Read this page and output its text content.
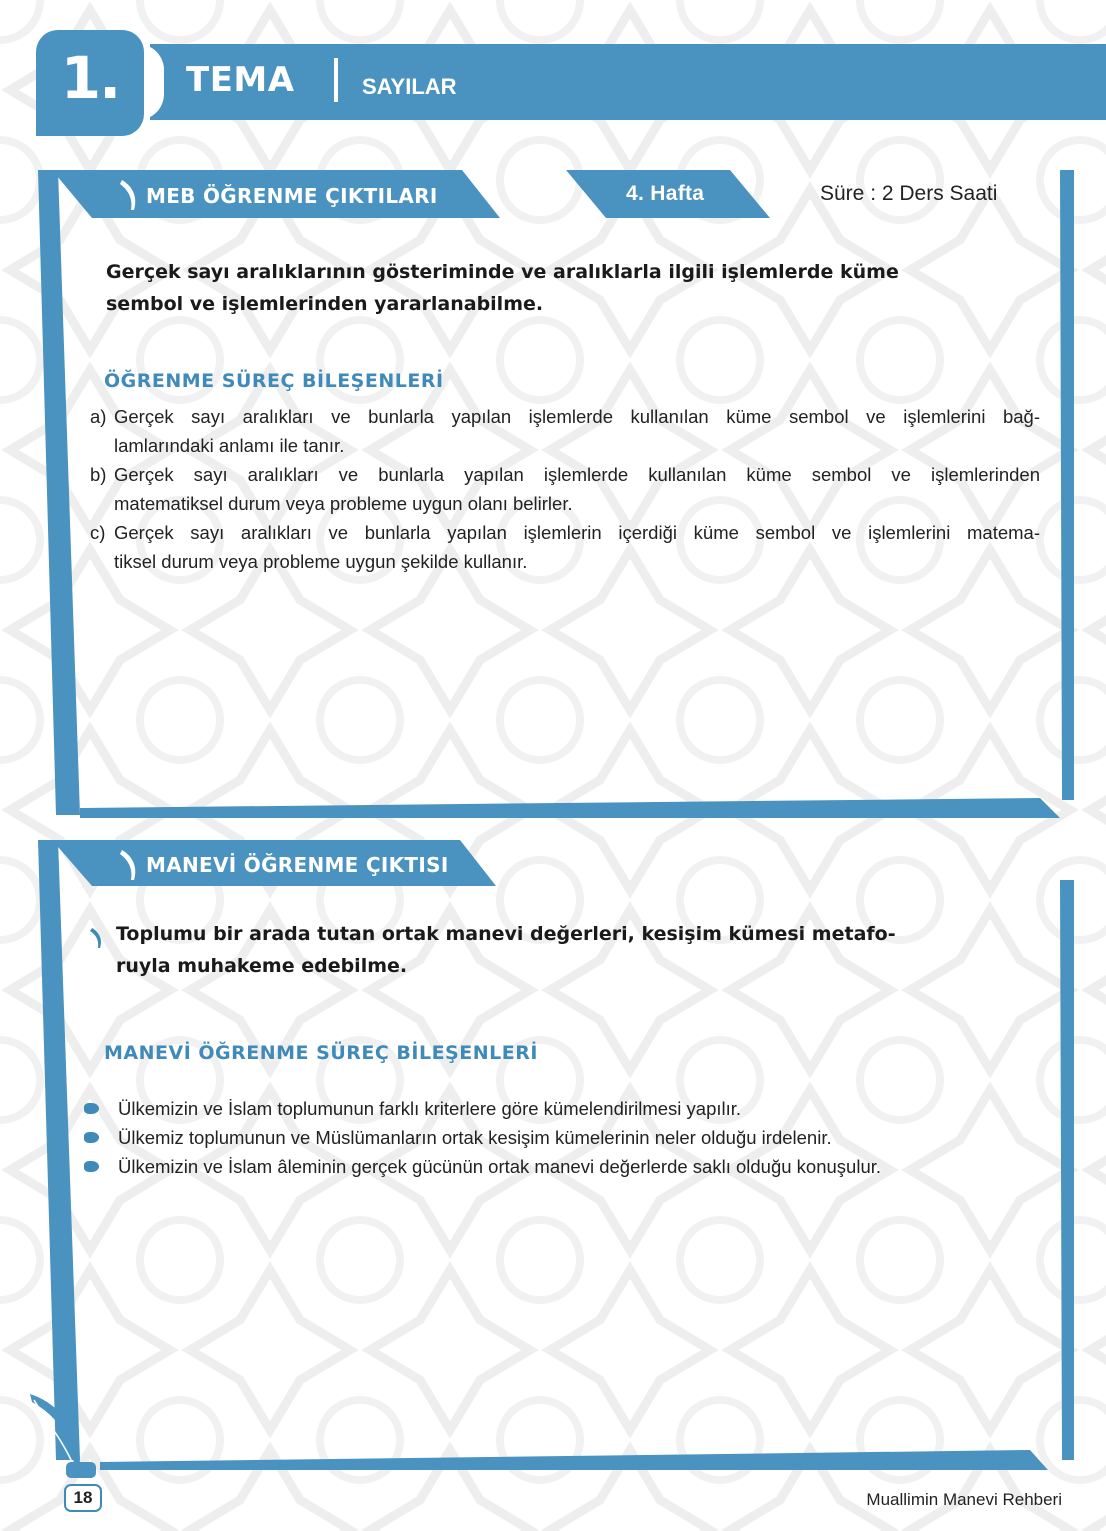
1.	TEMA	SAYILAR
MEB ÖĞRENME ÇIKTILARI	4. Hafta	Süre : 2 Ders Saati
Gerçek sayı aralıklarının gösteriminde ve aralıklarla ilgili işlemlerde küme
sembol ve işlemlerinden yararlanabilme.
ÖĞRENME SÜREÇ BİLEŞENLERİ
a) Gerçek sayı aralıkları ve bunlarla yapılan işlemlerde kullanılan küme sembol ve işlemlerini bağ-
lamlarındaki anlamı ile tanır.
b) Gerçek sayı aralıkları ve bunlarla yapılan işlemlerde kullanılan küme sembol ve işlemlerinden
matematiksel durum veya probleme uygun olanı belirler.
c) Gerçek sayı aralıkları ve bunlarla yapılan işlemlerin içerdiği küme sembol ve işlemlerini matema-
tiksel durum veya probleme uygun şekilde kullanır.
MANEVİ ÖĞRENME ÇIKTISI
Toplumu bir arada tutan ortak manevi değerleri, kesişim kümesi metafo-
ruyla muhakeme edebilme.
MANEVİ ÖĞRENME SÜREÇ BİLEŞENLERİ
Ülkemizin ve İslam toplumunun farklı kriterlere göre kümelendirilmesi yapılır.
Ülkemiz toplumunun ve Müslümanların ortak kesişim kümelerinin neler olduğu irdelenir.
Ülkemizin ve İslam âleminin gerçek gücünün ortak manevi değerlerde saklı olduğu konuşulur.
18	Muallimin Manevi Rehberi
